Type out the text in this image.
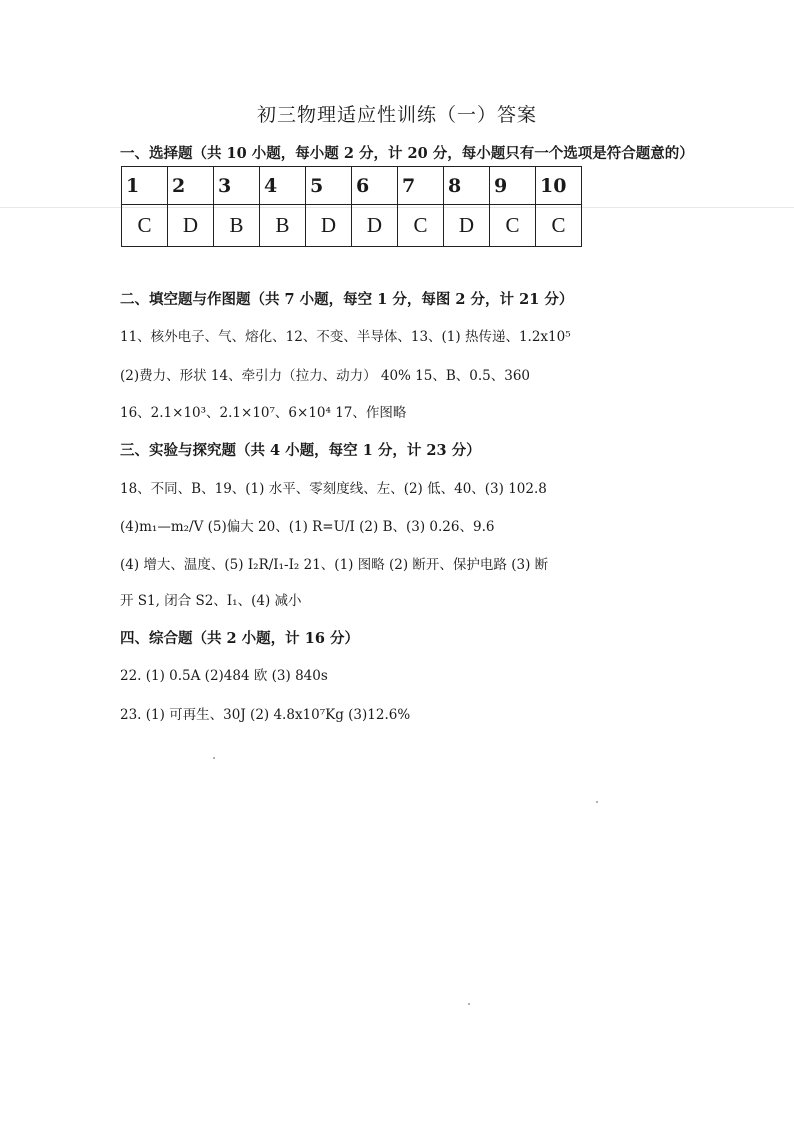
初三物理适应性训练（一）答案
一、选择题（共 10 小题，每小题 2 分，计 20 分，每小题只有一个选项是符合题意的）
1	2	3	4	5	6	7	8	9	10
C	D	B	B	D	D	C	D	C	C
二、填空题与作图题（共 7 小题，每空 1 分，每图 2 分，计 21 分）
11、核外电子、气、熔化、12、不变、半导体、13、(1) 热传递、1.2x10⁵
(2)费力、形状 14、牵引力（拉力、动力） 40% 15、B、0.5、360
16、2.1×10³、2.1×10⁷、6×10⁴ 17、作图略
三、实验与探究题（共 4 小题，每空 1 分，计 23 分）
18、不同、B、19、(1) 水平、零刻度线、左、(2) 低、40、(3) 102.8
(4)m₁—m₂/V (5)偏大 20、(1) R=U/I (2) B、(3) 0.26、9.6
(4) 增大、温度、(5) I₂R/I₁-I₂ 21、(1) 图略 (2) 断开、保护电路 (3) 断
开 S1, 闭合 S2、I₁、(4) 减小
四、综合题（共 2 小题，计 16 分）
22. (1) 0.5A (2)484 欧 (3) 840s
23. (1) 可再生、30J (2) 4.8x10⁷Kg (3)12.6%
